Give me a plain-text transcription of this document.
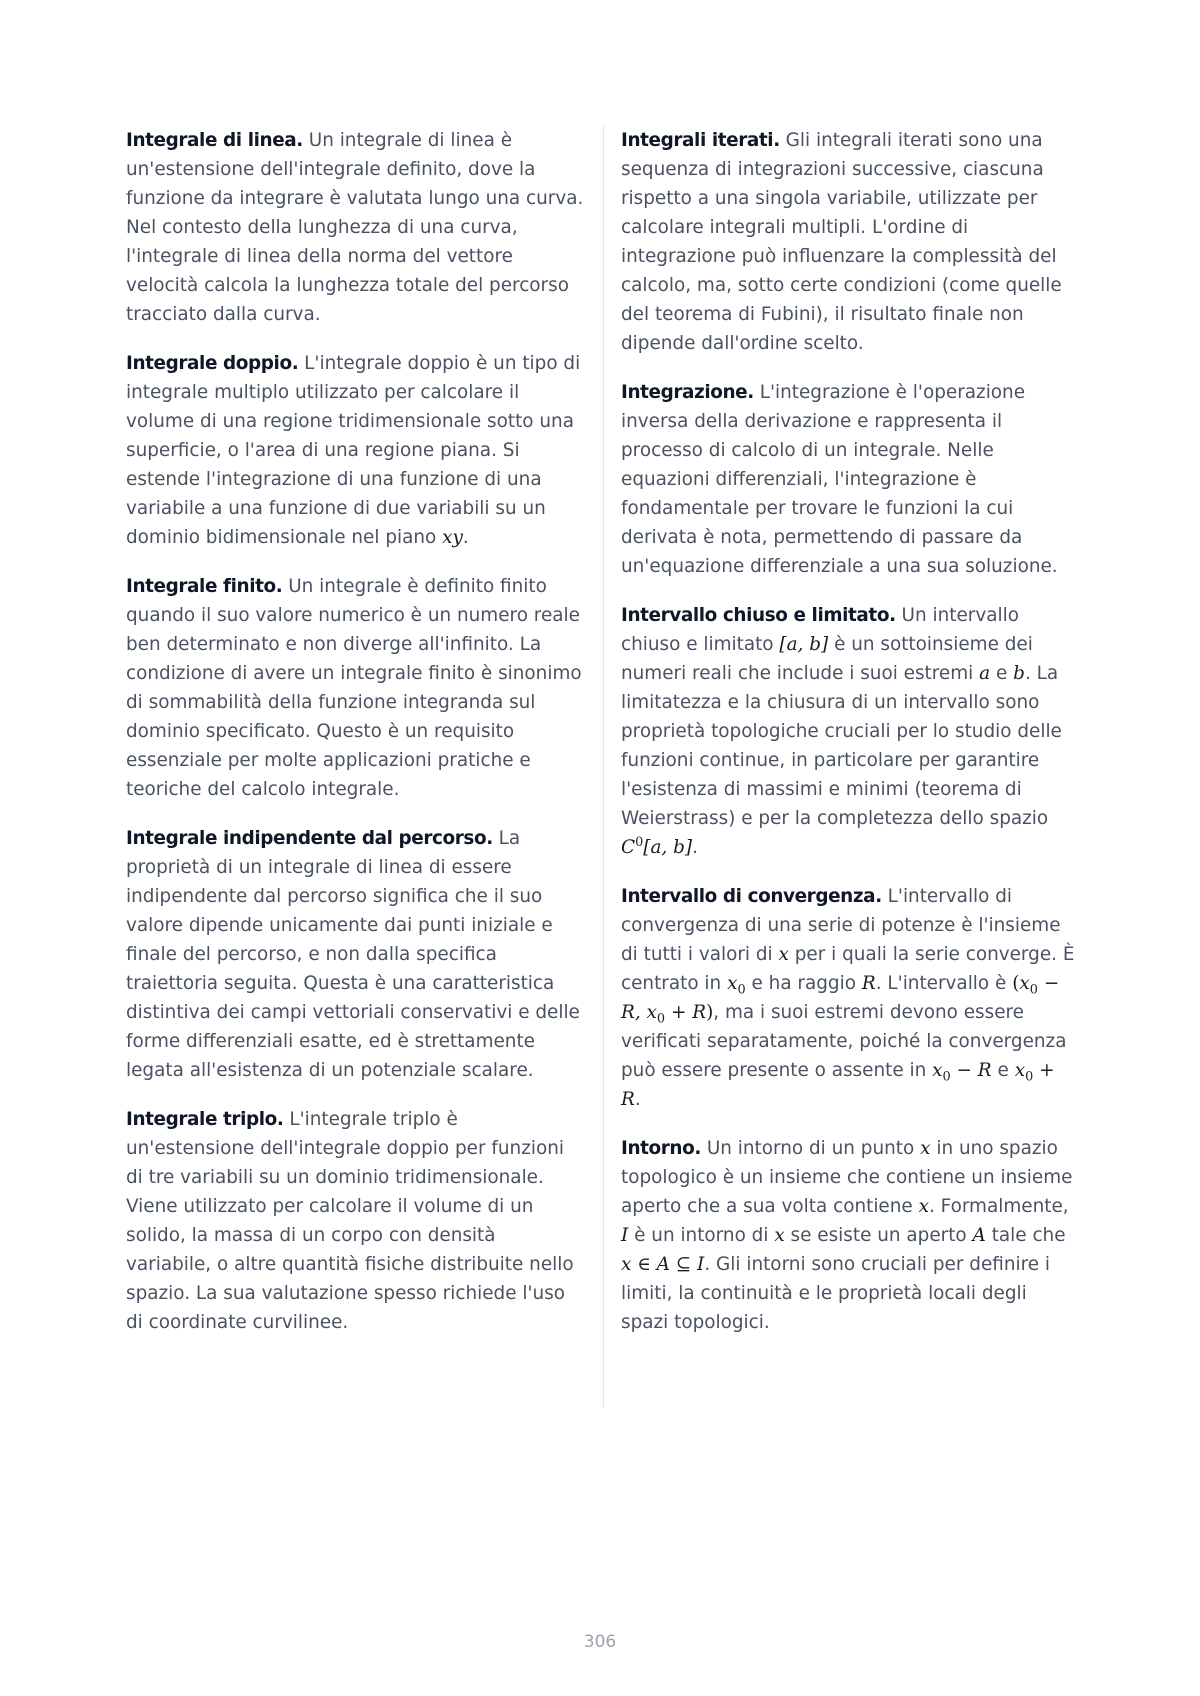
Integrale di linea. Un integrale di linea è un'estensione dell'integrale definito, dove la funzione da integrare è valutata lungo una curva. Nel contesto della lunghezza di una curva, l'integrale di linea della norma del vettore velocità calcola la lunghezza totale del percorso tracciato dalla curva.

Integrale doppio. L'integrale doppio è un tipo di integrale multiplo utilizzato per calcolare il volume di una regione tridimensionale sotto una superficie, o l'area di una regione piana. Si estende l'integrazione di una funzione di una variabile a una funzione di due variabili su un dominio bidimensionale nel piano xy.

Integrale finito. Un integrale è definito finito quando il suo valore numerico è un numero reale ben determinato e non diverge all'infinito. La condizione di avere un integrale finito è sinonimo di sommabilità della funzione integranda sul dominio specificato. Questo è un requisito essenziale per molte applicazioni pratiche e teoriche del calcolo integrale.

Integrale indipendente dal percorso. La proprietà di un integrale di linea di essere indipendente dal percorso significa che il suo valore dipende unicamente dai punti iniziale e finale del percorso, e non dalla specifica traiettoria seguita. Questa è una caratteristica distintiva dei campi vettoriali conservativi e delle forme differenziali esatte, ed è strettamente legata all'esistenza di un potenziale scalare.

Integrale triplo. L'integrale triplo è un'estensione dell'integrale doppio per funzioni di tre variabili su un dominio tridimensionale. Viene utilizzato per calcolare il volume di un solido, la massa di un corpo con densità variabile, o altre quantità fisiche distribuite nello spazio. La sua valutazione spesso richiede l'uso di coordinate curvilinee.

Integrali iterati. Gli integrali iterati sono una sequenza di integrazioni successive, ciascuna rispetto a una singola variabile, utilizzate per calcolare integrali multipli. L'ordine di integrazione può influenzare la complessità del calcolo, ma, sotto certe condizioni (come quelle del teorema di Fubini), il risultato finale non dipende dall'ordine scelto.

Integrazione. L'integrazione è l'operazione inversa della derivazione e rappresenta il processo di calcolo di un integrale. Nelle equazioni differenziali, l'integrazione è fondamentale per trovare le funzioni la cui derivata è nota, permettendo di passare da un'equazione differenziale a una sua soluzione.

Intervallo chiuso e limitato. Un intervallo chiuso e limitato [a, b] è un sottoinsieme dei numeri reali che include i suoi estremi a e b. La limitatezza e la chiusura di un intervallo sono proprietà topologiche cruciali per lo studio delle funzioni continue, in particolare per garantire l'esistenza di massimi e minimi (teorema di Weierstrass) e per la completezza dello spazio $C^0[a$, b].

Intervallo di convergenza. L'intervallo di convergenza di una serie di potenze è l'insieme di tutti i valori di x per i quali la serie converge. È centrato in $x_0$ e ha raggio R. L'intervallo è ($x_0 - R$, $x_0 + R$), ma i suoi estremi devono essere verificati separatamente, poiché la convergenza può essere presente o assente in $x_0 - R$ e $x_0 + R$.

Intorno. Un intorno di un punto x in uno spazio topologico è un insieme che contiene un insieme aperto che a sua volta contiene x. Formalmente, I è un intorno di x se esiste un aperto A tale che x ∈ A ⊆ I. Gli intorni sono cruciali per definire i limiti, la continuità e le proprietà locali degli spazi topologici.

306
